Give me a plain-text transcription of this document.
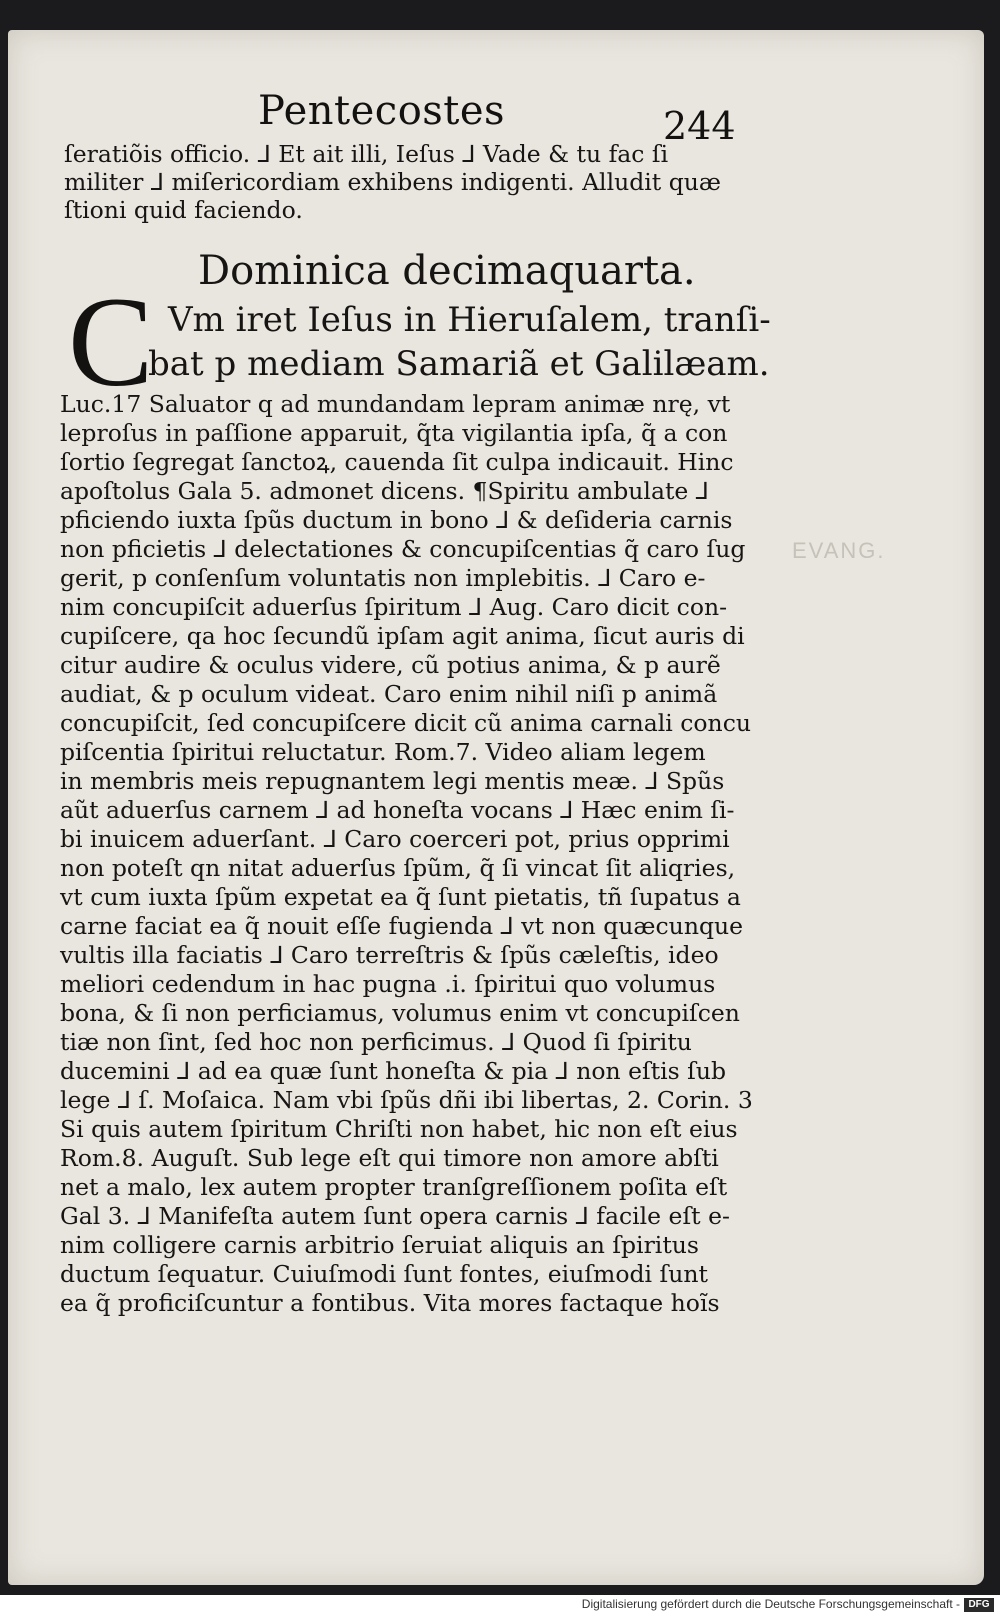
Pentecostes	244
ſeratiõis officio. ⅃ Et ait illi, Ieſus ⅃ Vade & tu fac ſi
militer ⅃ miſericordiam exhibens indigenti. Alludit quæ
ſtioni quid faciendo.
Dominica decimaquarta.
C Vm iret Ieſus in Hieruſalem, tranſi-
bat p mediam Samariã et Galilæam.
Luc.17 Saluator q ad mundandam lepram animæ nrę, vt
leproſus in paſſione apparuit, q̃ta vigilantia ipſa, q̃ a con
ſortio ſegregat ſanctoꝝ, cauenda ſit culpa indicauit. Hinc
apoſtolus Gala 5. admonet dicens. ¶Spiritu ambulate ⅃
pficiendo iuxta ſpũs ductum in bono ⅃ & deſideria carnis
non pficietis ⅃ delectationes & concupiſcentias q̃ caro ſug
gerit, p conſenſum voluntatis non implebitis. ⅃ Caro e-
nim concupiſcit aduerſus ſpiritum ⅃ Aug. Caro dicit con-
cupiſcere, qa hoc ſecundũ ipſam agit anima, ſicut auris di
citur audire & oculus videre, cũ potius anima, & p aurẽ
audiat, & p oculum videat. Caro enim nihil niſi p animã
concupiſcit, ſed concupiſcere dicit cũ anima carnali concu
piſcentia ſpiritui reluctatur. Rom.7. Video aliam legem
in membris meis repugnantem legi mentis meæ. ⅃ Spũs
aũt aduerſus carnem ⅃ ad honeſta vocans ⅃ Hæc enim ſi-
bi inuicem aduerſant. ⅃ Caro coerceri pot, prius opprimi
non poteſt qn nitat aduerſus ſpũm, q̃ ſi vincat ſit aliqries,
vt cum iuxta ſpũm expetat ea q̃ ſunt pietatis, tñ ſupatus a
carne faciat ea q̃ nouit eſſe fugienda ⅃ vt non quæcunque
vultis illa faciatis ⅃ Caro terreſtris & ſpũs cæleſtis, ideo
meliori cedendum in hac pugna .i. ſpiritui quo volumus
bona, & ſi non perficiamus, volumus enim vt concupiſcen
tiæ non ſint, ſed hoc non perficimus. ⅃ Quod ſi ſpiritu
ducemini ⅃ ad ea quæ ſunt honeſta & pia ⅃ non eſtis ſub
lege ⅃ ſ. Moſaica. Nam vbi ſpũs dñi ibi libertas, 2. Corin. 3
Si quis autem ſpiritum Chriſti non habet, hic non eſt eius
Rom.8. Auguſt. Sub lege eſt qui timore non amore abſti
net a malo, lex autem propter tranſgreſſionem poſita eſt
Gal 3. ⅃ Manifeſta autem ſunt opera carnis ⅃ facile eſt e-
nim colligere carnis arbitrio ſeruiat aliquis an ſpiritus
ductum ſequatur. Cuiuſmodi ſunt fontes, eiuſmodi ſunt
ea q̃ proficiſcuntur a fontibus. Vita mores factaque hoĩs
EVANG.
Digitalisierung gefördert durch die Deutsche Forschungsgemeinschaft - DFG
